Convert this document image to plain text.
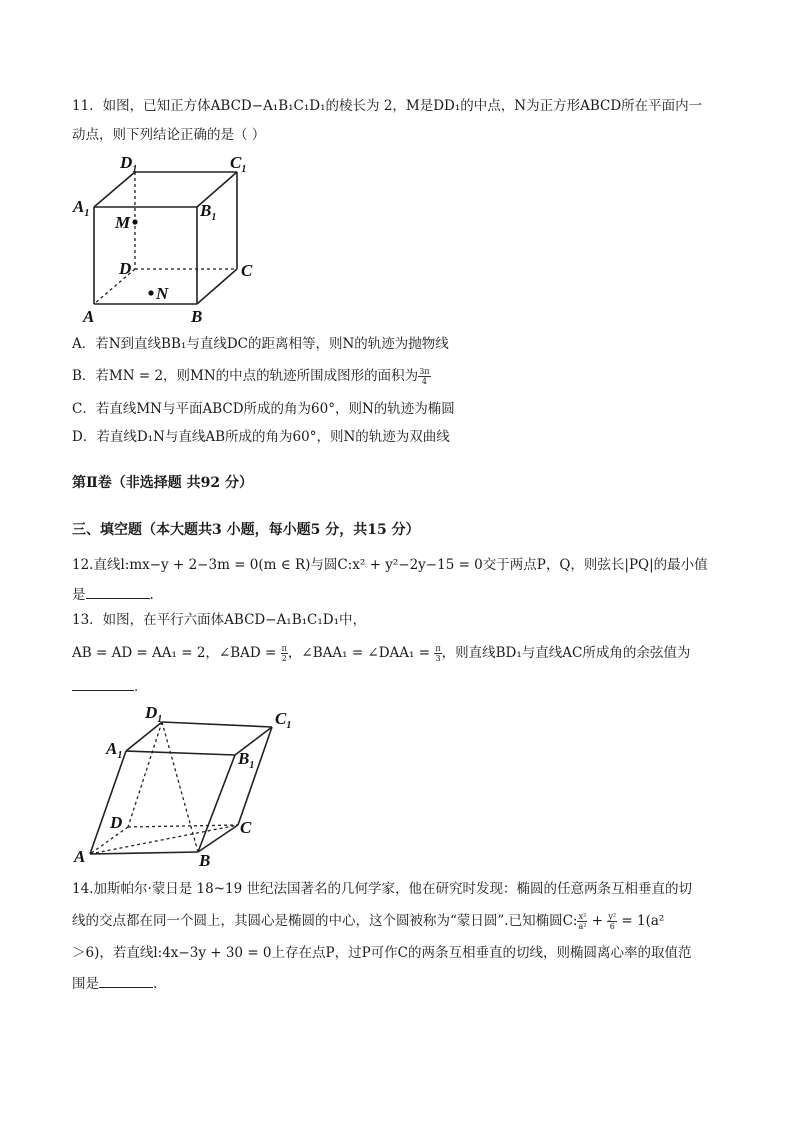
11．如图，已知正方体ABCD−A₁B₁C₁D₁的棱长为 2，M是DD₁的中点，N为正方形ABCD所在平面内一
动点，则下列结论正确的是（ ）
$D_1$	$C_1$
$A_1$	$B_1$
M
D	C
N
A	B
A．若N到直线BB₁与直线DC的距离相等，则N的轨迹为抛物线
B．若MN = 2，则MN的中点的轨迹所围成图形的面积为 $\frac{3\pi}{4}$
C．若直线MN与平面ABCD所成的角为60°，则N的轨迹为椭圆
D．若直线D₁N与直线AB所成的角为60°，则N的轨迹为双曲线
第Ⅱ卷（非选择题 共92 分）
三、填空题（本大题共3 小题，每小题5 分，共15 分）
12.直线l:mx−y + 2−3m = 0(m ∈ R)与圆C:x² + y²−2y−15 = 0交于两点P，Q，则弦长|PQ|的最小值
是	.
13．如图，在平行六面体ABCD−A₁B₁C₁D₁中，
AB = AD = AA₁ = 2，∠BAD = $\frac{\pi}{2}$ ，∠BAA₁ = ∠DAA₁ = $\frac{\pi}{3}$ ，则直线BD₁与直线AC所成角的余弦值为
.
$D_1$	$C_1$
$A_1$	$B_1$
D	C
A	B
14.加斯帕尔·蒙日是 18~19 世纪法国著名的几何学家，他在研究时发现：椭圆的任意两条互相垂直的切
线的交点都在同一个圆上，其圆心是椭圆的中心，这个圆被称为“蒙日圆”.已知椭圆C: $\frac{\text{x²}}{\text{a²}} + \frac{\text{y²}}{6} = 1(a^2$
＞6)，若直线l:4x−3y + 30 = 0上存在点P，过P可作C的两条互相垂直的切线，则椭圆离心率的取值范
围是	.
